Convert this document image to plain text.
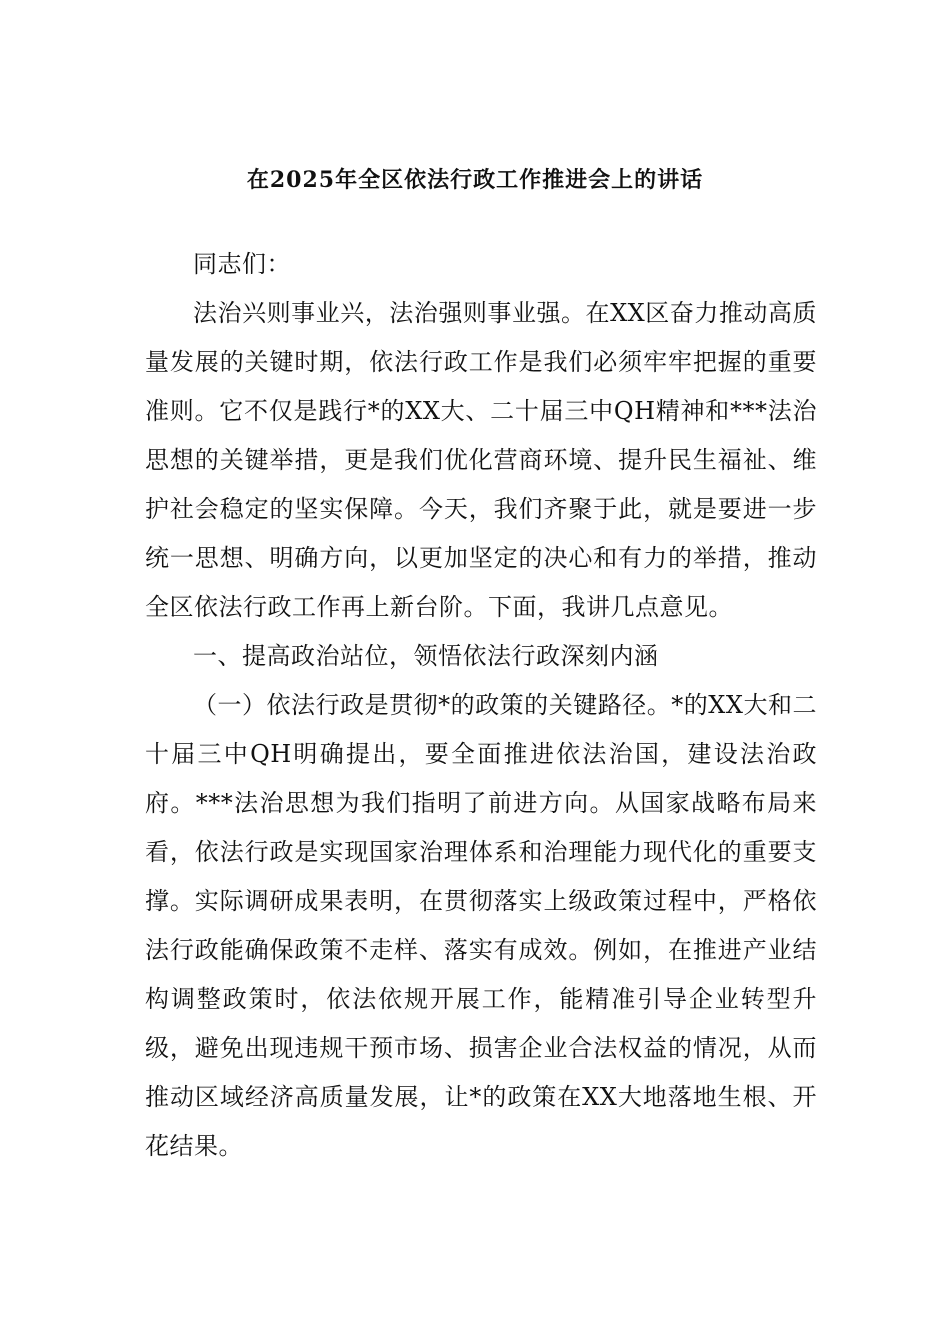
在2025年全区依法行政工作推进会上的讲话

同志们：

法治兴则事业兴，法治强则事业强。在XX区奋力推动高质量发展的关键时期，依法行政工作是我们必须牢牢把握的重要准则。它不仅是践行*的XX大、二十届三中QH精神和***法治思想的关键举措，更是我们优化营商环境、提升民生福祉、维护社会稳定的坚实保障。今天，我们齐聚于此，就是要进一步统一思想、明确方向，以更加坚定的决心和有力的举措，推动全区依法行政工作再上新台阶。下面，我讲几点意见。

一、提高政治站位，领悟依法行政深刻内涵

（一）依法行政是贯彻*的政策的关键路径。*的XX大和二十届三中QH明确提出，要全面推进依法治国，建设法治政府。***法治思想为我们指明了前进方向。从国家战略布局来看，依法行政是实现国家治理体系和治理能力现代化的重要支撑。实际调研成果表明，在贯彻落实上级政策过程中，严格依法行政能确保政策不走样、落实有成效。例如，在推进产业结构调整政策时，依法依规开展工作，能精准引导企业转型升级，避免出现违规干预市场、损害企业合法权益的情况，从而推动区域经济高质量发展，让*的政策在XX大地落地生根、开花结果。
